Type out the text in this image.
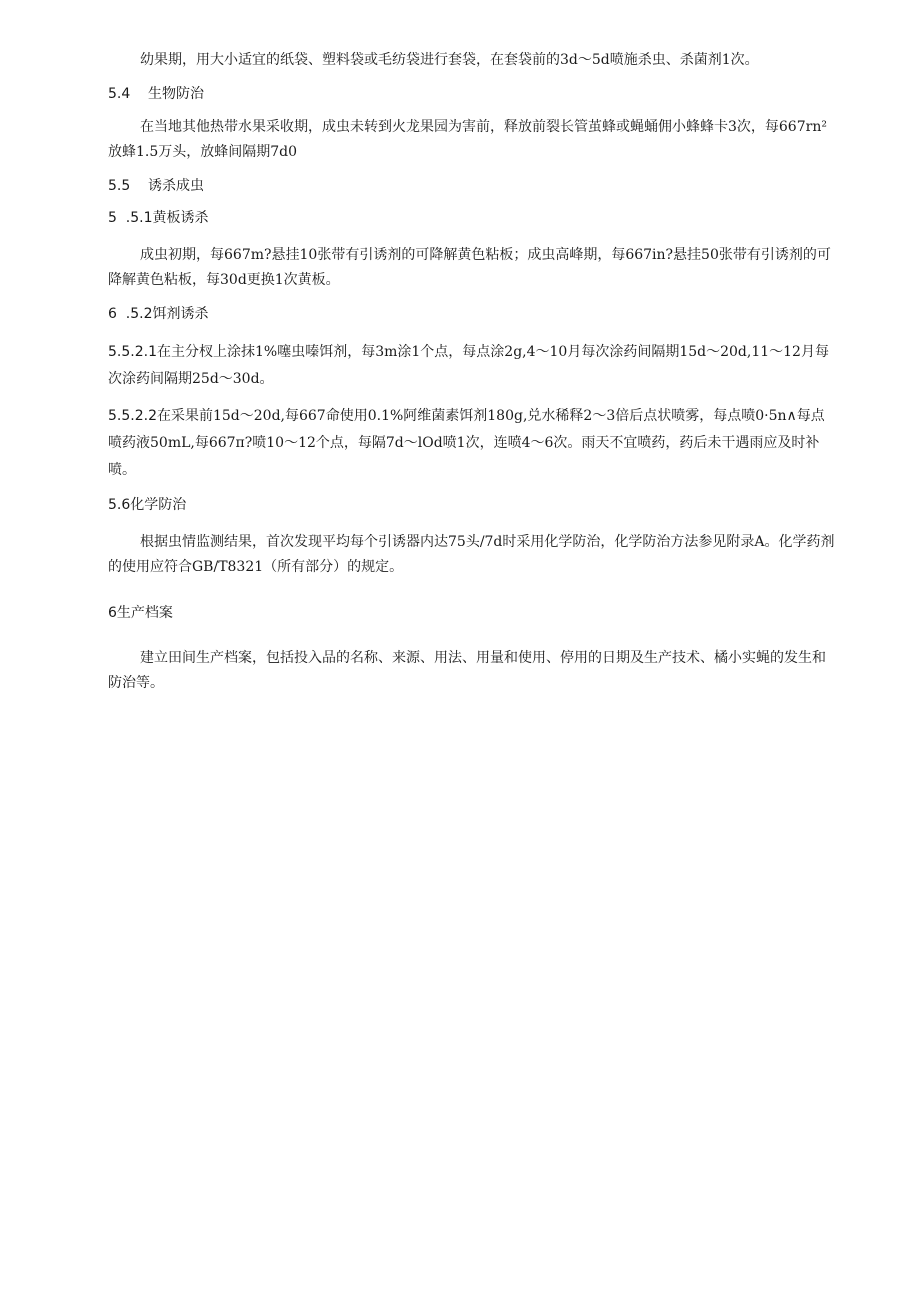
幼果期，用大小适宜的纸袋、塑料袋或毛纺袋进行套袋，在套袋前的3d～5d喷施杀虫、杀菌剂1次。

5.4 生物防治

在当地其他热带水果采收期，成虫未转到火龙果园为害前，释放前裂长管茧蜂或蝇蛹佣小蜂蜂卡3次，每667rn²放蜂1.5万头，放蜂间隔期7d0

5.5 诱杀成虫

5  .5.1黄板诱杀

成虫初期，每667m?悬挂10张带有引诱剂的可降解黄色粘板；成虫高峰期，每667in?悬挂50张带有引诱剂的可降解黄色粘板，每30d更换1次黄板。

6  .5.2饵剂诱杀

5.5.2.1在主分杈上涂抹1%噻虫嗪饵剂，每3m涂1个点，每点涂2g,4～10月每次涂药间隔期15d～20d,11～12月每次涂药间隔期25d～30d。

5.5.2.2在采果前15d～20d,每667命使用0.1%阿维菌素饵剂180g,兑水稀释2～3倍后点状喷雾，每点喷0·5n∧每点喷药液50mL,每667π?喷10～12个点，每隔7d～lOd喷1次，连喷4～6次。雨天不宜喷药，药后未干遇雨应及时补喷。

5.6化学防治

根据虫情监测结果，首次发现平均每个引诱器内达75头/7d时采用化学防治，化学防治方法参见附录A。化学药剂的使用应符合GB/T8321（所有部分）的规定。

6生产档案

建立田间生产档案，包括投入品的名称、来源、用法、用量和使用、停用的日期及生产技术、橘小实蝇的发生和防治等。
